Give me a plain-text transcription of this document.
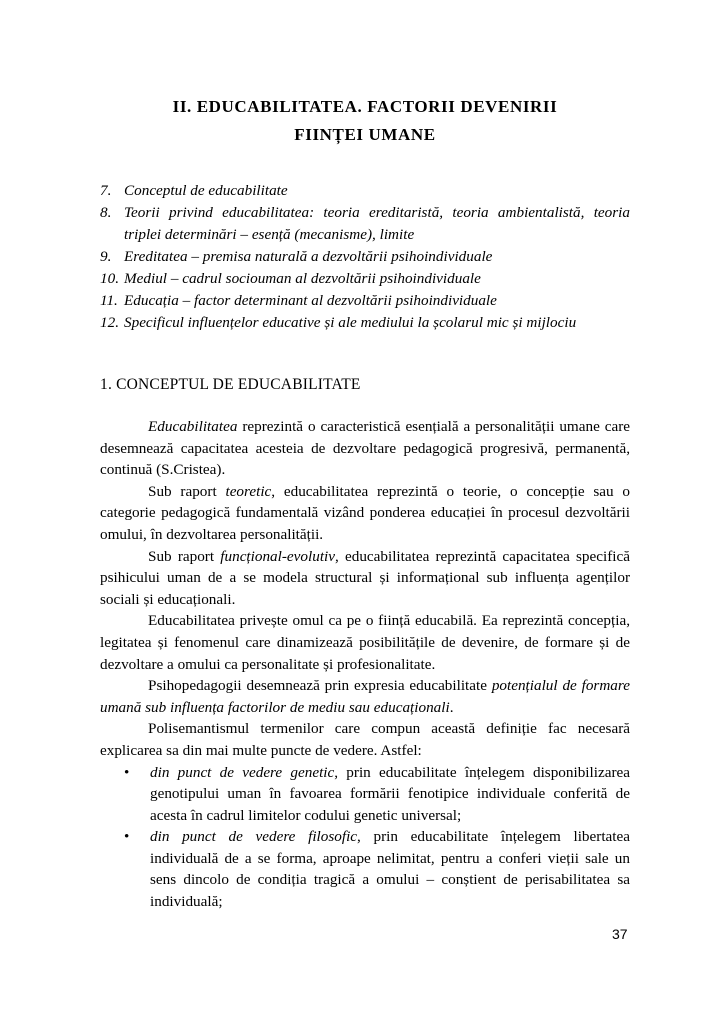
II. EDUCABILITATEA. FACTORII DEVENIRII
FIINȚEI UMANE
7. Conceptul de educabilitate
8. Teorii privind educabilitatea: teoria ereditaristă, teoria ambientalistă, teoria triplei determinări – esență (mecanisme), limite
9. Ereditatea – premisa naturală a dezvoltării psihoindividuale
10. Mediul – cadrul sociouman al dezvoltării psihoindividuale
11. Educația – factor determinant al dezvoltării psihoindividuale
12. Specificul influențelor educative și ale mediului la școlarul mic și mijlociu
1. CONCEPTUL DE EDUCABILITATE

Educabilitatea reprezintă o caracteristică esențială a personalității umane care desemnează capacitatea acesteia de dezvoltare pedagogică progresivă, permanentă, continuă (S.Cristea).

Sub raport teoretic, educabilitatea reprezintă o teorie, o concepție sau o categorie pedagogică fundamentală vizând ponderea educației în procesul dezvoltării omului, în dezvoltarea personalității.

Sub raport funcțional-evolutiv, educabilitatea reprezintă capacitatea specifică psihicului uman de a se modela structural și informațional sub influența agenților sociali și educaționali.

Educabilitatea privește omul ca pe o ființă educabilă. Ea reprezintă concepția, legitatea și fenomenul care dinamizează posibilitățile de devenire, de formare și de dezvoltare a omului ca personalitate și profesionalitate.

Psihopedagogii desemnează prin expresia educabilitate potențialul de formare umană sub influența factorilor de mediu sau educaționali.

Polisemantismul termenilor care compun această definiție fac necesară explicarea sa din mai multe puncte de vedere. Astfel:

• din punct de vedere genetic, prin educabilitate înțelegem disponibilizarea genotipului uman în favoarea formării fenotipice individuale conferită de acesta în cadrul limitelor codului genetic universal;
• din punct de vedere filosofic, prin educabilitate înțelegem libertatea individuală de a se forma, aproape nelimitat, pentru a conferi vieții sale un sens dincolo de condiția tragică a omului – conștient de perisabilitatea sa individuală;
37
